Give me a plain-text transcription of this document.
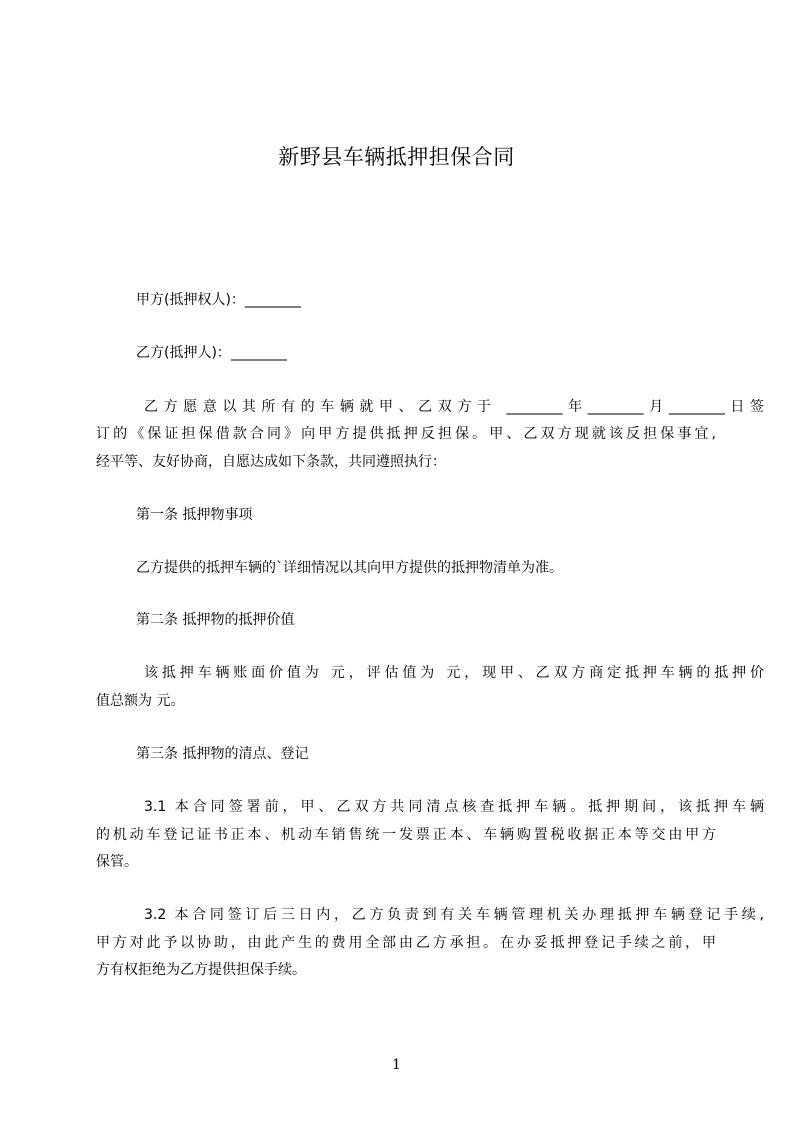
新野县车辆抵押担保合同
甲方(抵押权人)：________
乙方(抵押人)：________
乙方愿意以其所有的车辆就甲、乙双方于 ________年________月________日签
订的《保证担保借款合同》向甲方提供抵押反担保。甲、乙双方现就该反担保事宜,
经平等、友好协商，自愿达成如下条款，共同遵照执行：
第一条 抵押物事项
乙方提供的抵押车辆的`详细情况以其向甲方提供的抵押物清单为准。
第二条 抵押物的抵押价值
该抵押车辆账面价值为 元，评估值为 元，现甲、乙双方商定抵押车辆的抵押价
值总额为 元。
第三条 抵押物的清点、登记
3.1 本合同签署前，甲、乙双方共同清点核查抵押车辆。抵押期间，该抵押车辆
的机动车登记证书正本、机动车销售统一发票正本、车辆购置税收据正本等交由甲方
保管。
3.2 本合同签订后三日内，乙方负责到有关车辆管理机关办理抵押车辆登记手续,
甲方对此予以协助，由此产生的费用全部由乙方承担。在办妥抵押登记手续之前，甲
方有权拒绝为乙方提供担保手续。
1
